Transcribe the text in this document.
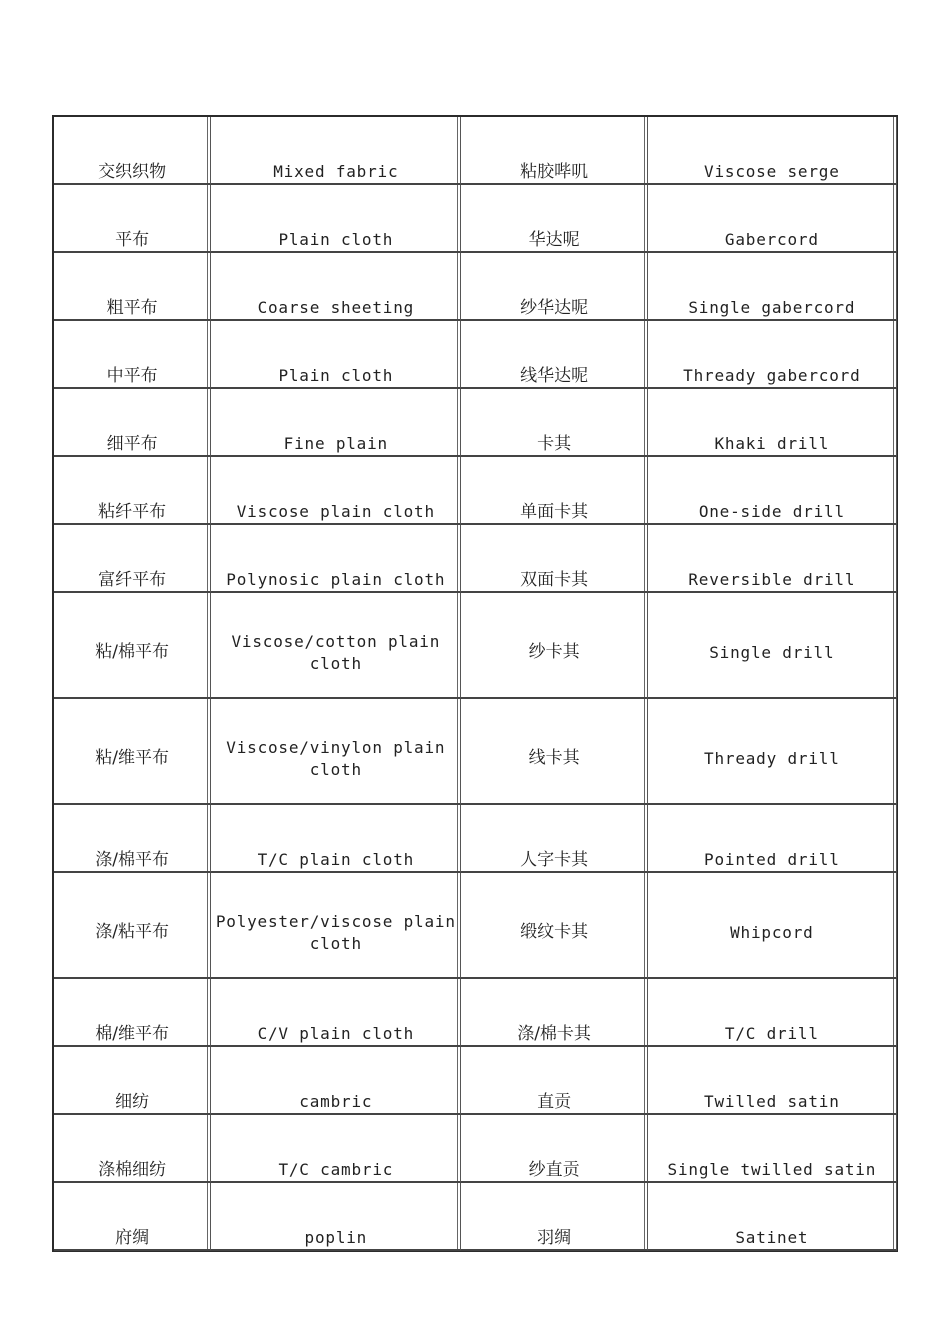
交织织物	Mixed fabric	粘胶哔叽	Viscose serge
平布	Plain cloth	华达呢	Gabercord
粗平布	Coarse sheeting	纱华达呢	Single gabercord
中平布	Plain cloth	线华达呢	Thready gabercord
细平布	Fine plain	卡其	Khaki drill
粘纤平布	Viscose plain cloth	单面卡其	One-side drill
富纤平布	Polynosic plain cloth	双面卡其	Reversible drill
粘/棉平布	Viscose/cotton plain cloth	纱卡其	Single drill
粘/维平布	Viscose/vinylon plain cloth	线卡其	Thready drill
涤/棉平布	T/C plain cloth	人字卡其	Pointed drill
涤/粘平布	Polyester/viscose plain cloth	缎纹卡其	Whipcord
棉/维平布	C/V plain cloth	涤/棉卡其	T/C drill
细纺	cambric	直贡	Twilled satin
涤棉细纺	T/C cambric	纱直贡	Single twilled satin
府绸	poplin	羽绸	Satinet
